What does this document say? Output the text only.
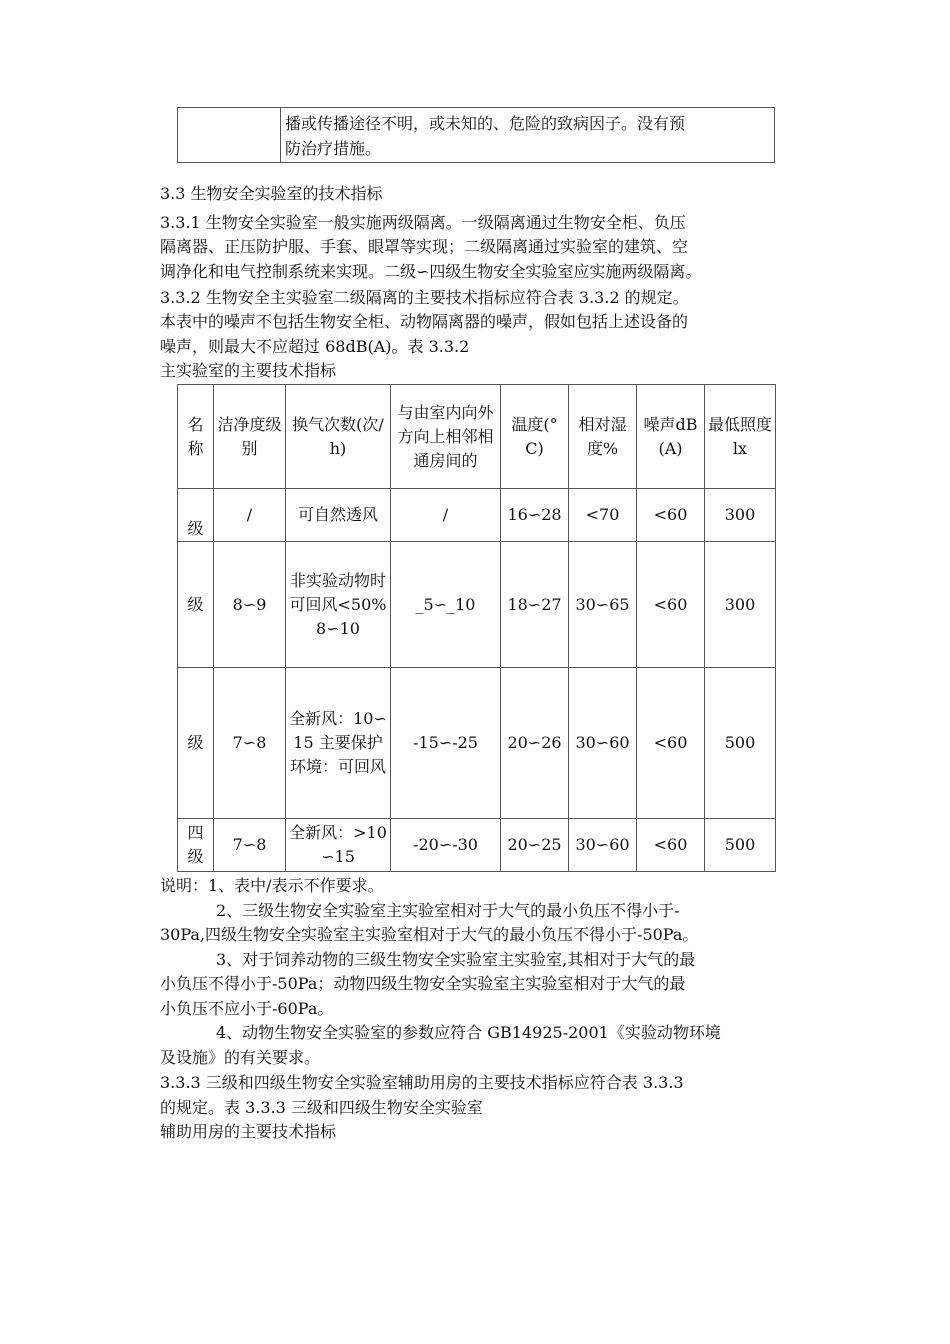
播或传播途径不明，或未知的、危险的致病因子。没有预
防治疗措施。

3.3 生物安全实验室的技术指标

3.3.1 生物安全实验室一般实施两级隔离。一级隔离通过生物安全柜、负压

隔离器、正压防护服、手套、眼罩等实现；二级隔离通过实验室的建筑、空

调净化和电气控制系统来实现。二级∽四级生物安全实验室应实施两级隔离。

3.3.2 生物安全主实验室二级隔离的主要技术指标应符合表 3.3.2 的规定。

本表中的噪声不包括生物安全柜、动物隔离器的噪声，假如包括上述设备的

噪声，则最大不应超过 68dB(A)。表 3.3.2

主实验室的主要技术指标

名称	洁净度级别	换气次数(次/h)	与由室内向外方向上相邻相通房间的	温度(° C)	相对湿度%	噪声dB(A)	最低照度 lx
级	/	可自然透风	/	16∽28	<70	<60	300
级	8∽9	非实验动物时可回风<50%8∽10	_5∽_10	18∽27	30∽65	<60	300
级	7∽8	全新风：10∽15 主要保护环境：可回风	-15∽-25	20∽26	30∽60	<60	500
四级	7∽8	全新风：>10∽15	-20∽-30	20∽25	30∽60	<60	500

说明：1、表中/表示不作要求。

2、三级生物安全实验室主实验室相对于大气的最小负压不得小于-

30Pa,四级生物安全实验室主实验室相对于大气的最小负压不得小于-50Pa。

3、对于饲养动物的三级生物安全实验室主实验室,其相对于大气的最

小负压不得小于-50Pa；动物四级生物安全实验室主实验室相对于大气的最

小负压不应小于-60Pa。

4、动物生物安全实验室的参数应符合 GB14925-2001《实验动物环境

及设施》的有关要求。

3.3.3 三级和四级生物安全实验室辅助用房的主要技术指标应符合表 3.3.3

的规定。表 3.3.3 三级和四级生物安全实验室

辅助用房的主要技术指标
